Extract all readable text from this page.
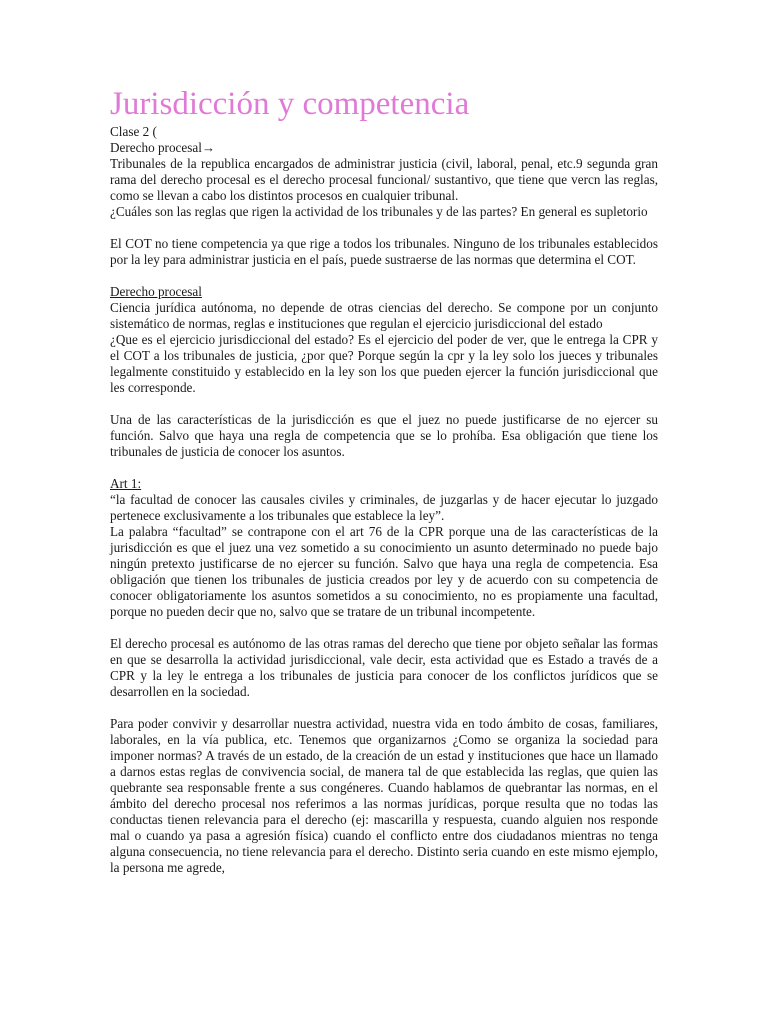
Jurisdicción y competencia
Clase 2 (
Derecho procesal→

Tribunales de la republica encargados de administrar justicia (civil, laboral, penal, etc.9 segunda gran rama del derecho procesal es el derecho procesal funcional/ sustantivo, que tiene que vercn las reglas, como se llevan a cabo los distintos procesos en cualquier tribunal.

¿Cuáles son las reglas que rigen la actividad de los tribunales y de las partes? En general es supletorio

El COT no tiene competencia ya que rige a todos los tribunales. Ninguno de los tribunales establecidos por la ley para administrar justicia en el país, puede sustraerse de las normas que determina el COT.

Derecho procesal

Ciencia jurídica autónoma, no depende de otras ciencias del derecho. Se compone por un conjunto sistemático de normas, reglas e instituciones que regulan el ejercicio jurisdiccional del estado

¿Que es el ejercicio jurisdiccional del estado? Es el ejercicio del poder de ver, que le entrega la CPR y el COT a los tribunales de justicia, ¿por que? Porque según la cpr y la ley solo los jueces y tribunales legalmente constituido y establecido en la ley son los que pueden ejercer la función jurisdiccional que les corresponde.

Una de las características de la jurisdicción es que el juez no puede justificarse de no ejercer su función. Salvo que haya una regla de competencia que se lo prohíba. Esa obligación que tiene los tribunales de justicia de conocer los asuntos.

Art 1:

“la facultad de conocer las causales civiles y criminales, de juzgarlas y de hacer ejecutar lo juzgado pertenece exclusivamente a los tribunales que establece la ley”.

La palabra “facultad” se contrapone con el art 76 de la CPR porque una de las características de la jurisdicción es que el juez una vez sometido a su conocimiento un asunto determinado no puede bajo ningún pretexto justificarse de no ejercer su función. Salvo que haya una regla de competencia. Esa obligación que tienen los tribunales de justicia creados por ley y de acuerdo con su competencia de conocer obligatoriamente los asuntos sometidos a su conocimiento, no es propiamente una facultad, porque no pueden decir que no, salvo que se tratare de un tribunal incompetente.

El derecho procesal es autónomo de las otras ramas del derecho que tiene por objeto señalar las formas en que se desarrolla la actividad jurisdiccional, vale decir, esta actividad que es Estado a través de a CPR y la ley le entrega a los tribunales de justicia para conocer de los conflictos jurídicos que se desarrollen en la sociedad.

Para poder convivir y desarrollar nuestra actividad, nuestra vida en todo ámbito de cosas, familiares, laborales, en la vía publica, etc. Tenemos que organizarnos ¿Como se organiza la sociedad para imponer normas? A través de un estado, de la creación de un estad y instituciones que hace un llamado a darnos estas reglas de convivencia social, de manera tal de que establecida las reglas, que quien las quebrante sea responsable frente a sus congéneres. Cuando hablamos de quebrantar las normas, en el ámbito del derecho procesal nos referimos a las normas jurídicas, porque resulta que no todas las conductas tienen relevancia para el derecho (ej: mascarilla y respuesta, cuando alguien nos responde mal o cuando ya pasa a agresión física) cuando el conflicto entre dos ciudadanos mientras no tenga alguna consecuencia, no tiene relevancia para el derecho. Distinto seria cuando en este mismo ejemplo, la persona me agrede,
